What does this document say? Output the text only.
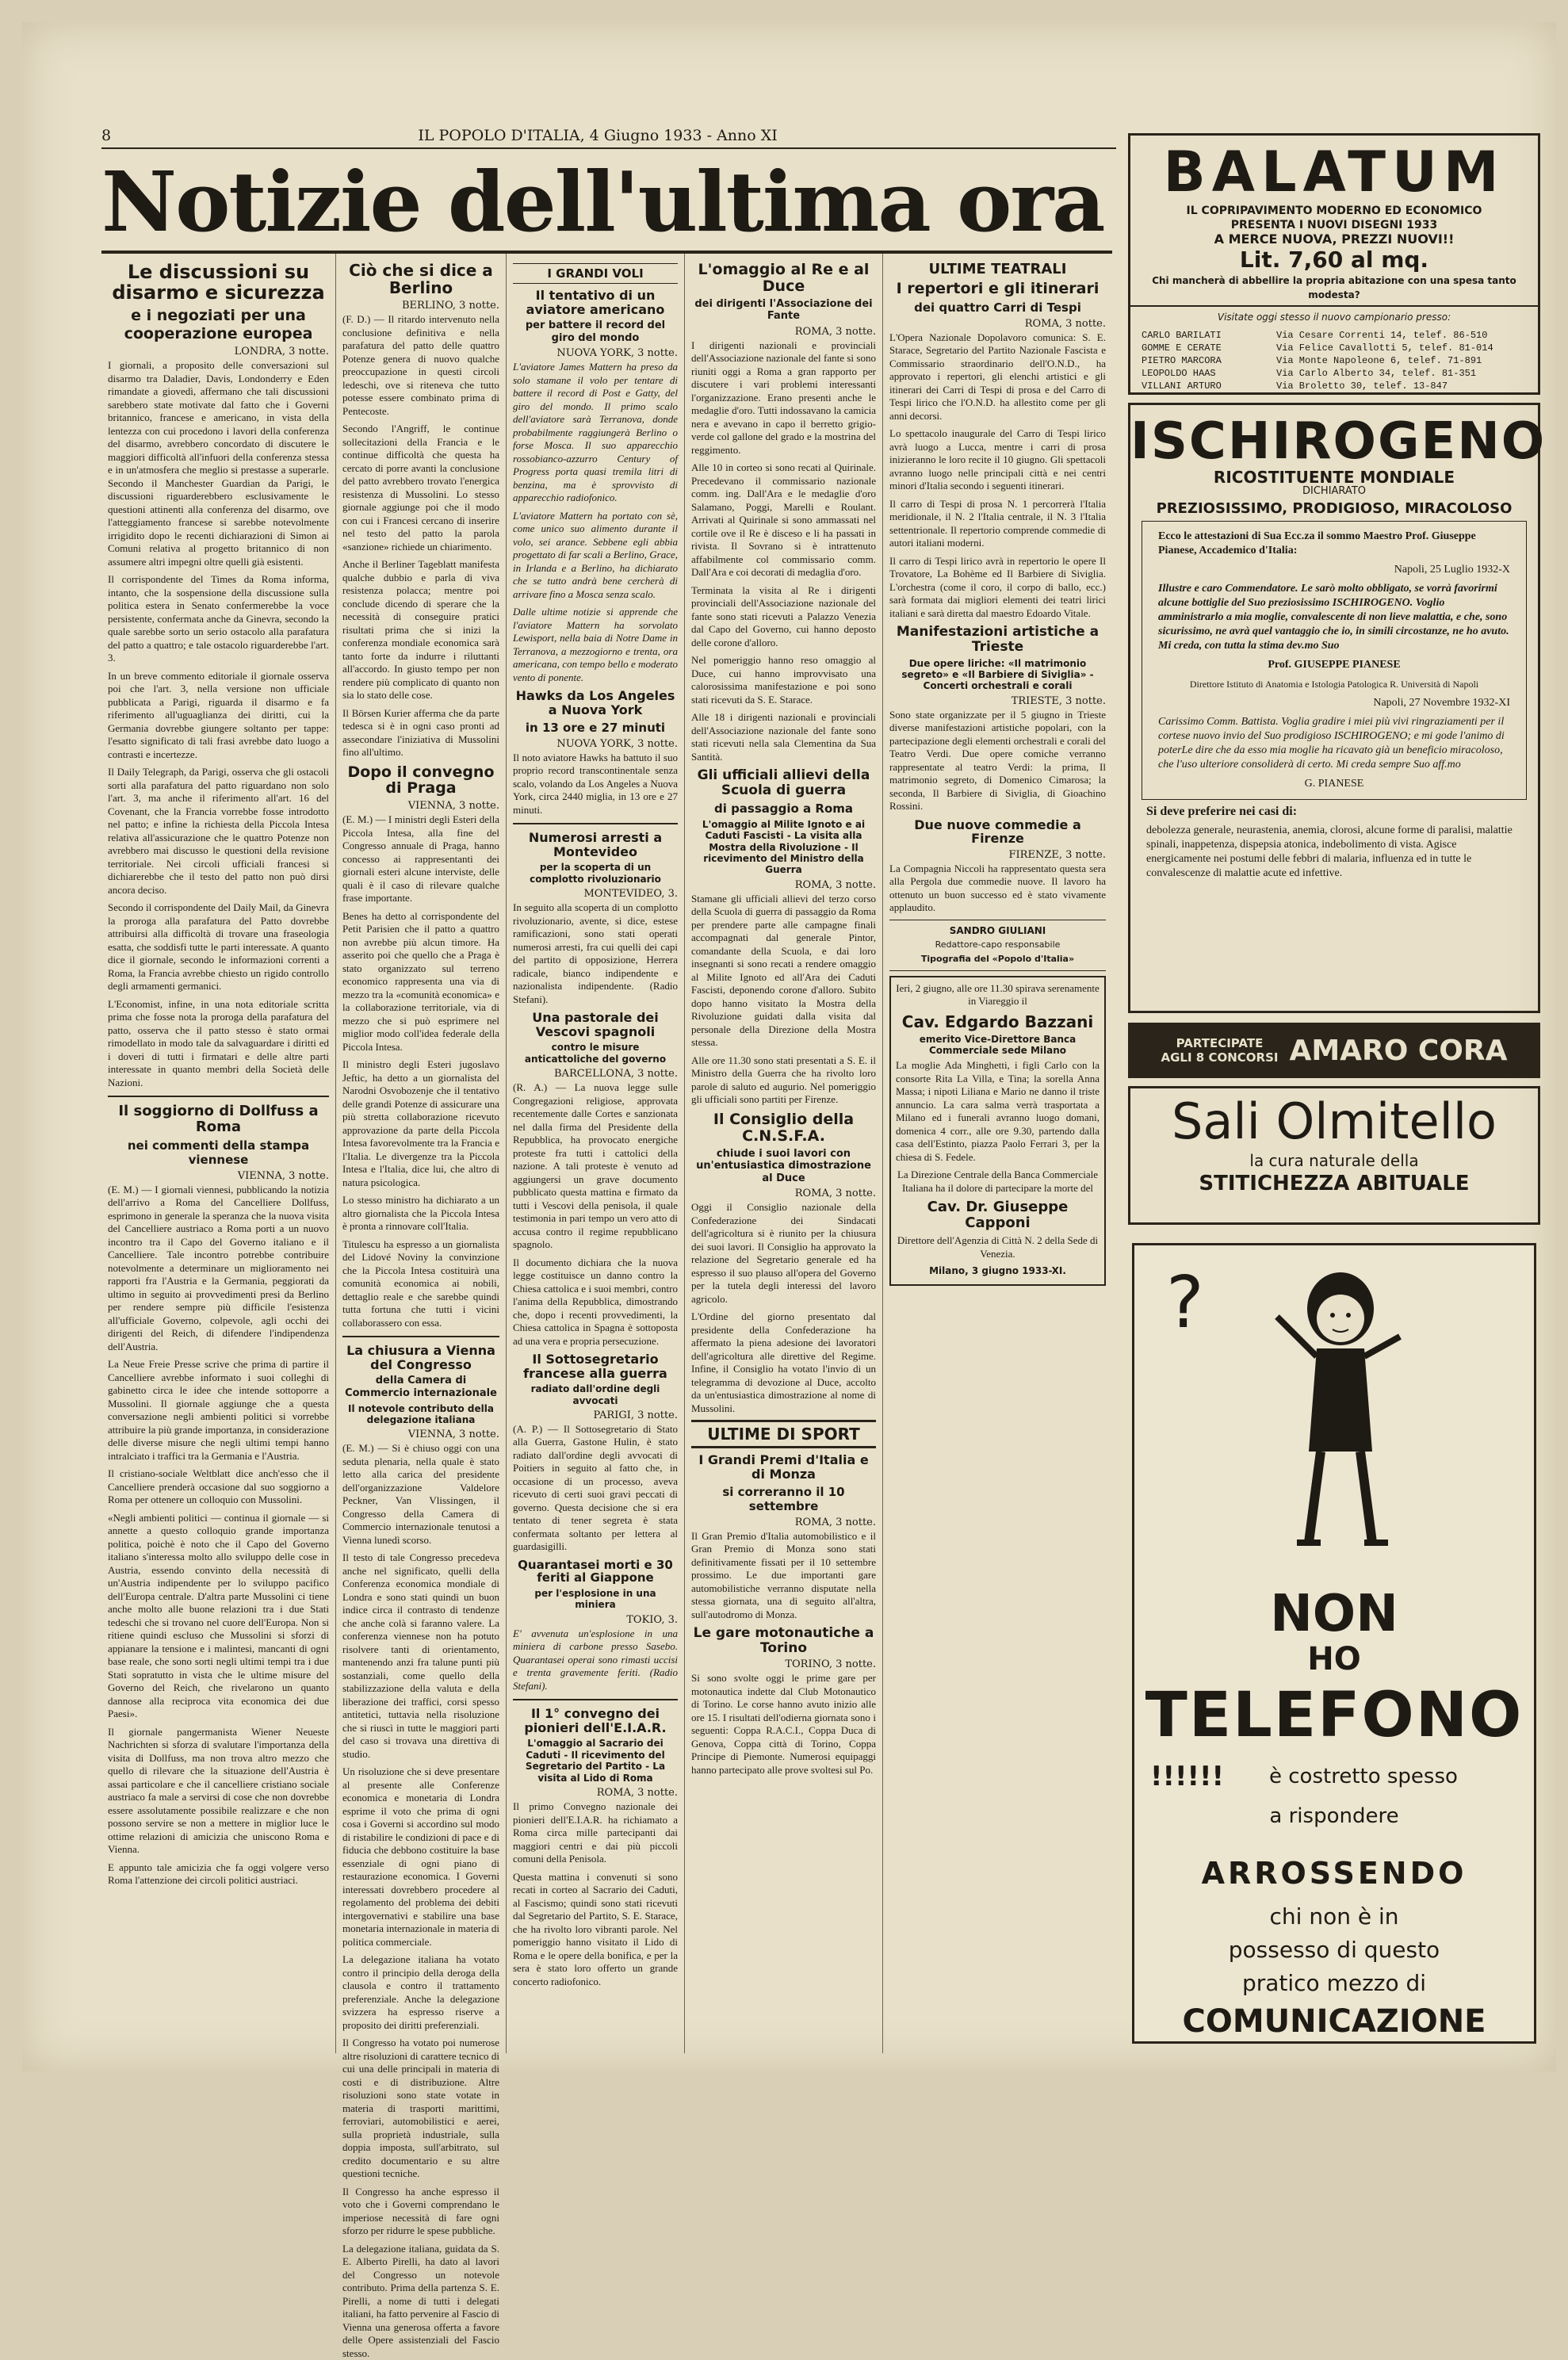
8	IL POPOLO D'ITALIA, 4 Giugno 1933 - Anno XI
Notizie dell'ultima ora
Le discussioni su disarmo e sicurezza
e i negoziati per una cooperazione europea
LONDRA, 3 notte.

I giornali, a proposito delle conversazioni sul disarmo tra Daladier, Davis, Londonderry e Eden rimandate a giovedì, affermano che tali discussioni sarebbero state motivate dal fatto che i Governi britannico, francese e americano, in vista della lentezza con cui procedono i lavori della conferenza del disarmo, avrebbero concordato di discutere le maggiori difficoltà all'infuori della conferenza stessa e in un'atmosfera che meglio si prestasse a superarle. Secondo il Manchester Guardian da Parigi, le discussioni riguarderebbero esclusivamente le questioni attinenti alla conferenza del disarmo, ove l'atteggiamento francese si sarebbe notevolmente irrigidito dopo le recenti dichiarazioni di Simon ai Comuni relativa al progetto britannico di non assumere altri impegni oltre quelli già esistenti.

Il corrispondente del Times da Roma informa, intanto, che la sospensione della discussione sulla politica estera in Senato confermerebbe la voce persistente, confermata anche da Ginevra, secondo la quale sarebbe sorto un serio ostacolo alla parafatura del patto a quattro; e tale ostacolo riguarderebbe l'art. 3.

In un breve commento editoriale il giornale osserva poi che l'art. 3, nella versione non ufficiale pubblicata a Parigi, riguarda il disarmo e fa riferimento all'uguaglianza dei diritti, cui la Germania dovrebbe giungere soltanto per tappe: l'esatto significato di tali frasi avrebbe dato luogo a contrasti e incertezze.

Il Daily Telegraph, da Parigi, osserva che gli ostacoli sorti alla parafatura del patto riguardano non solo l'art. 3, ma anche il riferimento all'art. 16 del Covenant, che la Francia vorrebbe fosse introdotto nel patto; e infine la richiesta della Piccola Intesa relativa all'assicurazione che le quattro Potenze non avrebbero mai discusso le questioni della revisione territoriale. Nei circoli ufficiali francesi si dichiarerebbe che il testo del patto non può dirsi ancora deciso.

Secondo il corrispondente del Daily Mail, da Ginevra la proroga alla parafatura del Patto dovrebbe attribuirsi alla difficoltà di trovare una fraseologia esatta, che soddisfi tutte le parti interessate. A quanto dice il giornale, secondo le informazioni correnti a Roma, la Francia avrebbe chiesto un rigido controllo degli armamenti germanici.

L'Economist, infine, in una nota editoriale scritta prima che fosse nota la proroga della parafatura del patto, osserva che il patto stesso è stato ormai rimodellato in modo tale da salvaguardare i diritti ed i doveri di tutti i firmatari e delle altre parti interessate in quanto membri della Società delle Nazioni.

Il soggiorno di Dollfuss a Roma
nei commenti della stampa viennese
VIENNA, 3 notte.

(E. M.) — I giornali viennesi, pubblicando la notizia dell'arrivo a Roma del Cancelliere Dollfuss, esprimono in generale la speranza che la nuova visita del Cancelliere austriaco a Roma porti a un nuovo incontro tra il Capo del Governo italiano e il Cancelliere. Tale incontro potrebbe contribuire notevolmente a determinare un miglioramento nei rapporti fra l'Austria e la Germania, peggiorati da ultimo in seguito ai provvedimenti presi da Berlino per rendere sempre più difficile l'esistenza all'ufficiale Governo, colpevole, agli occhi dei dirigenti del Reich, di difendere l'indipendenza dell'Austria.

La Neue Freie Presse scrive che prima di partire il Cancelliere avrebbe informato i suoi colleghi di gabinetto circa le idee che intende sottoporre a Mussolini. Il giornale aggiunge che a questa conversazione negli ambienti politici si vorrebbe attribuire la più grande importanza, in considerazione delle diverse misure che negli ultimi tempi hanno intralciato i traffici tra la Germania e l'Austria.

Il cristiano-sociale Weltblatt dice anch'esso che il Cancelliere prenderà occasione dal suo soggiorno a Roma per ottenere un colloquio con Mussolini.

«Negli ambienti politici — continua il giornale — si annette a questo colloquio grande importanza politica, poichè è noto che il Capo del Governo italiano s'interessa molto allo sviluppo delle cose in Austria, essendo convinto della necessità di un'Austria indipendente per lo sviluppo pacifico dell'Europa centrale. D'altra parte Mussolini ci tiene anche molto alle buone relazioni tra i due Stati tedeschi che si trovano nel cuore dell'Europa. Non si ritiene quindi escluso che Mussolini si sforzi di appianare la tensione e i malintesi, mancanti di ogni base reale, che sono sorti negli ultimi tempi tra i due Stati sopratutto in vista che le ultime misure del Governo del Reich, che rivelarono un quanto dannose alla reciproca vita economica dei due Paesi».

Il giornale pangermanista Wiener Neueste Nachrichten si sforza di svalutare l'importanza della visita di Dollfuss, ma non trova altro mezzo che quello di rilevare che la situazione dell'Austria è assai particolare e che il cancelliere cristiano sociale austriaco fa male a servirsi di cose che non dovrebbe essere assolutamente possibile realizzare e che non possono servire se non a mettere in miglior luce le ottime relazioni di amicizia che uniscono Roma e Vienna.

E appunto tale amicizia che fa oggi volgere verso Roma l'attenzione dei circoli politici austriaci.

Ciò che si dice a Berlino
BERLINO, 3 notte.

(F. D.) — Il ritardo intervenuto nella conclusione definitiva e nella parafatura del patto delle quattro Potenze genera di nuovo qualche preoccupazione in questi circoli ledeschi, ove si riteneva che tutto potesse essere combinato prima di Pentecoste.

Secondo l'Angriff, le continue sollecitazioni della Francia e le continue difficoltà che questa ha cercato di porre avanti la conclusione del patto avrebbero trovato l'energica resistenza di Mussolini. Lo stesso giornale aggiunge poi che il modo con cui i Francesi cercano di inserire nel testo del patto la parola «sanzione» richiede un chiarimento.

Anche il Berliner Tageblatt manifesta qualche dubbio e parla di viva resistenza polacca; mentre poi conclude dicendo di sperare che la necessità di conseguire pratici risultati prima che si inizi la conferenza mondiale economica sarà tanto forte da indurre i riluttanti all'accordo. In giusto tempo per non rendere più complicato di quanto non sia lo stato delle cose.

Il Börsen Kurier afferma che da parte tedesca si è in ogni caso pronti ad assecondare l'iniziativa di Mussolini fino all'ultimo.

Dopo il convegno di Praga
VIENNA, 3 notte.

(E. M.) — I ministri degli Esteri della Piccola Intesa, alla fine del Congresso annuale di Praga, hanno concesso ai rappresentanti dei giornali esteri alcune interviste, delle quali è il caso di rilevare qualche frase importante.

Benes ha detto al corrispondente del Petit Parisien che il patto a quattro non avrebbe più alcun timore. Ha asserito poi che quello che a Praga è stato organizzato sul terreno economico rappresenta una via di mezzo tra la «comunità economica» e la collaborazione territoriale, via di mezzo che si può esprimere nel miglior modo coll'idea federale della Piccola Intesa.

Il ministro degli Esteri jugoslavo Jeftic, ha detto a un giornalista del Narodni Osvobozenje che il tentativo delle grandi Potenze di assicurare una più stretta collaborazione ricevuto approvazione da parte della Piccola Intesa favorevolmente tra la Francia e l'Italia. Le divergenze tra la Piccola Intesa e l'Italia, dice lui, che altro di natura psicologica.

Lo stesso ministro ha dichiarato a un altro giornalista che la Piccola Intesa è pronta a rinnovare coll'Italia.

Titulescu ha espresso a un giornalista del Lidové Noviny la convinzione che la Piccola Intesa costituirà una comunità economica ai nobili, dettaglio reale e che sarebbe quindi tutta fortuna che tutti i vicini collaborassero con essa.

La chiusura a Vienna del Congresso
della Camera di Commercio internazionale
Il notevole contributo della delegazione italiana
VIENNA, 3 notte.

(E. M.) — Si è chiuso oggi con una seduta plenaria, nella quale è stato letto alla carica del presidente dell'organizzazione Valdelore Peckner, Van Vlissingen, il Congresso della Camera di Commercio internazionale tenutosi a Vienna lunedì scorso.

Il testo di tale Congresso precedeva anche nel significato, quelli della Conferenza economica mondiale di Londra e sono stati quindi un buon indice circa il contrasto di tendenze che anche colà si faranno valere. La conferenza viennese non ha potuto risolvere tanti di orientamento, mantenendo anzi fra talune punti più sostanziali, come quello della stabilizzazione della valuta e della liberazione dei traffici, corsi spesso antitetici, tuttavia nella risoluzione che si riuscì in tutte le maggiori parti del caso si trovava una direttiva di studio.

Un risoluzione che si deve presentare al presente alle Conferenze economica e monetaria di Londra esprime il voto che prima di ogni cosa i Governi si accordino sul modo di ristabilire le condizioni di pace e di fiducia che debbono costituire la base essenziale di ogni piano di restaurazione economica. I Governi interessati dovrebbero procedere al regolamento del problema dei debiti intergovernativi e stabilire una base monetaria internazionale in materia di politica commerciale.

La delegazione italiana ha votato contro il principio della deroga della clausola e contro il trattamento preferenziale. Anche la delegazione svizzera ha espresso riserve a proposito dei diritti preferenziali.

Il Congresso ha votato poi numerose altre risoluzioni di carattere tecnico di cui una delle principali in materia di costi e di distribuzione. Altre risoluzioni sono state votate in materia di trasporti marittimi, ferroviari, automobilistici e aerei, sulla proprietà industriale, sulla doppia imposta, sull'arbitrato, sul credito documentario e su altre questioni tecniche.

Il Congresso ha anche espresso il voto che i Governi comprendano le imperiose necessità di fare ogni sforzo per ridurre le spese pubbliche.

La delegazione italiana, guidata da S. E. Alberto Pirelli, ha dato al lavori del Congresso un notevole contributo. Prima della partenza S. E. Pirelli, a nome di tutti i delegati italiani, ha fatto pervenire al Fascio di Vienna una generosa offerta a favore delle Opere assistenziali del Fascio stesso.

I GRANDI VOLI
Il tentativo di un aviatore americano
per battere il record del giro del mondo
NUOVA YORK, 3 notte.

L'aviatore James Mattern ha preso da solo stamane il volo per tentare di battere il record di Post e Gatty, del giro del mondo. Il primo scalo dell'aviatore sarà Terranova, donde probabilmente raggiungerà Berlino o forse Mosca. Il suo apparecchio rossobianco-azzurro Century of Progress porta quasi tremila litri di benzina, ma è sprovvisto di apparecchio radiofonico.

L'aviatore Mattern ha portato con sè, come unico suo alimento durante il volo, sei arance. Sebbene egli abbia progettato di far scali a Berlino, Grace, in Irlanda e a Berlino, ha dichiarato che se tutto andrà bene cercherà di arrivare fino a Mosca senza scalo.

Dalle ultime notizie si apprende che l'aviatore Mattern ha sorvolato Lewisport, nella baia di Notre Dame in Terranova, a mezzogiorno e trenta, ora americana, con tempo bello e moderato vento di ponente.

Hawks da Los Angeles a Nuova York
in 13 ore e 27 minuti
NUOVA YORK, 3 notte.

Il noto aviatore Hawks ha battuto il suo proprio record transcontinentale senza scalo, volando da Los Angeles a Nuova York, circa 2440 miglia, in 13 ore e 27 minuti.

Numerosi arresti a Montevideo
per la scoperta di un complotto rivoluzionario
MONTEVIDEO, 3.

In seguito alla scoperta di un complotto rivoluzionario, avente, si dice, estese ramificazioni, sono stati operati numerosi arresti, fra cui quelli dei capi del partito di opposizione, Herrera radicale, bianco indipendente e nazionalista indipendente. (Radio Stefani).

Una pastorale dei Vescovi spagnoli
contro le misure anticattoliche del governo
BARCELLONA, 3 notte.

(R. A.) — La nuova legge sulle Congregazioni religiose, approvata recentemente dalle Cortes e sanzionata nel dalla firma del Presidente della Repubblica, ha provocato energiche proteste fra tutti i cattolici della nazione. A tali proteste è venuto ad aggiungersi un grave documento pubblicato questa mattina e firmato da tutti i Vescovi della penisola, il quale testimonia in pari tempo un vero atto di accusa contro il regime repubblicano spagnolo.

Il documento dichiara che la nuova legge costituisce un danno contro la Chiesa cattolica e i suoi membri, contro l'anima della Repubblica, dimostrando che, dopo i recenti provvedimenti, la Chiesa cattolica in Spagna è sottoposta ad una vera e propria persecuzione.

Il Sottosegretario francese alla guerra
radiato dall'ordine degli avvocati
PARIGI, 3 notte.

(A. P.) — Il Sottosegretario di Stato alla Guerra, Gastone Hulin, è stato radiato dall'ordine degli avvocati di Poitiers in seguito al fatto che, in occasione di un processo, aveva ricevuto di certi suoi gravi peccati di governo. Questa decisione che si era tentato di tener segreta è stata confermata soltanto per lettera al guardasigilli.

Quarantasei morti e 30 feriti al Giappone
per l'esplosione in una miniera
TOKIO, 3.

E' avvenuta un'esplosione in una miniera di carbone presso Sasebo. Quarantasei operai sono rimasti uccisi e trenta gravemente feriti. (Radio Stefani).

Il 1° convegno dei pionieri dell'E.I.A.R.
L'omaggio al Sacrario dei Caduti - Il ricevimento del Segretario del Partito - La visita al Lido di Roma
ROMA, 3 notte.

Il primo Convegno nazionale dei pionieri dell'E.I.A.R. ha richiamato a Roma circa mille partecipanti dai maggiori centri e dai più piccoli comuni della Penisola.

Questa mattina i convenuti si sono recati in corteo al Sacrario dei Caduti, al Fascismo; quindi sono stati ricevuti dal Segretario del Partito, S. E. Starace, che ha rivolto loro vibranti parole. Nel pomeriggio hanno visitato il Lido di Roma e le opere della bonifica, e per la sera è stato loro offerto un grande concerto radiofonico.

L'omaggio al Re e al Duce
dei dirigenti l'Associazione dei Fante
ROMA, 3 notte.

I dirigenti nazionali e provinciali dell'Associazione nazionale del fante si sono riuniti oggi a Roma a gran rapporto per discutere i vari problemi interessanti l'organizzazione. Erano presenti anche le medaglie d'oro. Tutti indossavano la camicia nera e avevano in capo il berretto grigio-verde col gallone del grado e la mostrina del reggimento.

Alle 10 in corteo si sono recati al Quirinale. Precedevano il commissario nazionale comm. ing. Dall'Ara e le medaglie d'oro Salamano, Poggi, Marelli e Roulant. Arrivati al Quirinale si sono ammassati nel cortile ove il Re è disceso e li ha passati in rivista. Il Sovrano si è intrattenuto affabilmente col commissario comm. Dall'Ara e coi decorati di medaglia d'oro.

Terminata la visita al Re i dirigenti provinciali dell'Associazione nazionale del fante sono stati ricevuti a Palazzo Venezia dal Capo del Governo, cui hanno deposto delle corone d'alloro.

Nel pomeriggio hanno reso omaggio al Duce, cui hanno improvvisato una calorosissima manifestazione e poi sono stati ricevuti da S. E. Starace.

Alle 18 i dirigenti nazionali e provinciali dell'Associazione nazionale del fante sono stati ricevuti nella sala Clementina da Sua Santità.

Gli ufficiali allievi della Scuola di guerra
di passaggio a Roma
L'omaggio al Milite Ignoto e ai Caduti Fascisti - La visita alla Mostra della Rivoluzione - Il ricevimento del Ministro della Guerra
ROMA, 3 notte.

Stamane gli ufficiali allievi del terzo corso della Scuola di guerra di passaggio da Roma per prendere parte alle campagne finali accompagnati dal generale Pintor, comandante della Scuola, e dai loro insegnanti si sono recati a rendere omaggio al Milite Ignoto ed all'Ara dei Caduti Fascisti, deponendo corone d'alloro. Subito dopo hanno visitato la Mostra della Rivoluzione guidati dalla visita dal personale della Direzione della Mostra stessa.

Alle ore 11.30 sono stati presentati a S. E. il Ministro della Guerra che ha rivolto loro parole di saluto ed augurio. Nel pomeriggio gli ufficiali sono partiti per Firenze.

Il Consiglio della C.N.S.F.A.
chiude i suoi lavori con un'entusiastica dimostrazione al Duce
ROMA, 3 notte.

Oggi il Consiglio nazionale della Confederazione dei Sindacati dell'agricoltura si è riunito per la chiusura dei suoi lavori. Il Consiglio ha approvato la relazione del Segretario generale ed ha espresso il suo plauso all'opera del Governo per la tutela degli interessi del lavoro agricolo.

L'Ordine del giorno presentato dal presidente della Confederazione ha affermato la piena adesione dei lavoratori dell'agricoltura alle direttive del Regime. Infine, il Consiglio ha votato l'invio di un telegramma di devozione al Duce, accolto da un'entusiastica dimostrazione al nome di Mussolini.

ULTIME DI SPORT
I Grandi Premi d'Italia e di Monza
si correranno il 10 settembre
ROMA, 3 notte.

Il Gran Premio d'Italia automobilistico e il Gran Premio di Monza sono stati definitivamente fissati per il 10 settembre prossimo. Le due importanti gare automobilistiche verranno disputate nella stessa giornata, una di seguito all'altra, sull'autodromo di Monza.

Le gare motonautiche a Torino
TORINO, 3 notte.

Si sono svolte oggi le prime gare per motonautica indette dal Club Motonautico di Torino. Le corse hanno avuto inizio alle ore 15. I risultati dell'odierna giornata sono i seguenti: Coppa R.A.C.I., Coppa Duca di Genova, Coppa città di Torino, Coppa Principe di Piemonte. Numerosi equipaggi hanno partecipato alle prove svoltesi sul Po.

ULTIME TEATRALI
I repertori e gli itinerari
dei quattro Carri di Tespi
ROMA, 3 notte.

L'Opera Nazionale Dopolavoro comunica: S. E. Starace, Segretario del Partito Nazionale Fascista e Commissario straordinario dell'O.N.D., ha approvato i repertori, gli elenchi artistici e gli itinerari dei Carri di Tespi di prosa e del Carro di Tespi lirico che l'O.N.D. ha allestito come per gli anni decorsi.

Lo spettacolo inaugurale del Carro di Tespi lirico avrà luogo a Lucca, mentre i carri di prosa inizieranno le loro recite il 10 giugno. Gli spettacoli avranno luogo nelle principali città e nei centri minori d'Italia secondo i seguenti itinerari.

Il carro di Tespi di prosa N. 1 percorrerà l'Italia meridionale, il N. 2 l'Italia centrale, il N. 3 l'Italia settentrionale. Il repertorio comprende commedie di autori italiani moderni.

Il carro di Tespi lirico avrà in repertorio le opere Il Trovatore, La Bohème ed Il Barbiere di Siviglia. L'orchestra (come il coro, il corpo di ballo, ecc.) sarà formata dai migliori elementi dei teatri lirici italiani e sarà diretta dal maestro Edoardo Vitale.

Manifestazioni artistiche a Trieste
Due opere liriche: «Il matrimonio segreto» e «Il Barbiere di Siviglia» - Concerti orchestrali e corali
TRIESTE, 3 notte.

Sono state organizzate per il 5 giugno in Trieste diverse manifestazioni artistiche popolari, con la partecipazione degli elementi orchestrali e corali del Teatro Verdi. Due opere comiche verranno rappresentate al teatro Verdi: la prima, Il matrimonio segreto, di Domenico Cimarosa; la seconda, Il Barbiere di Siviglia, di Gioachino Rossini.

Due nuove commedie a Firenze
FIRENZE, 3 notte.

La Compagnia Niccoli ha rappresentato questa sera alla Pergola due commedie nuove. Il lavoro ha ottenuto un buon successo ed è stato vivamente applaudito.

SANDRO GIULIANI
Redattore-capo responsabile
Tipografia del «Popolo d'Italia»

Ieri, 2 giugno, alle ore 11.30 spirava serenamente in Viareggio il

Cav. Edgardo Bazzani
emerito Vice-Direttore Banca Commerciale sede Milano

La moglie Ada Minghetti, i figli Carlo con la consorte Rita La Villa, e Tina; la sorella Anna Massa; i nipoti Liliana e Mario ne danno il triste annuncio. La cara salma verrà trasportata a Milano ed i funerali avranno luogo domani, domenica 4 corr., alle ore 9.30, partendo dalla casa dell'Estinto, piazza Paolo Ferrari 3, per la chiesa di S. Fedele.

La Direzione Centrale della Banca Commerciale Italiana ha il dolore di partecipare la morte del

Cav. Dr. Giuseppe Capponi

Direttore dell'Agenzia di Città N. 2 della Sede di Venezia.

Milano, 3 giugno 1933-XI.
BALATUM
IL COPRIPAVIMENTO MODERNO ED ECONOMICO
PRESENTA I NUOVI DISEGNI 1933
A MERCE NUOVA, PREZZI NUOVI!!
Lit. 7,60 al mq.
Chi mancherà di abbellire la propria abitazione con una spesa tanto modesta?
Visitate oggi stesso il nuovo campionario presso:
CARLO BARILATI	Via Cesare Correnti 14, telef. 86-510
GOMME E CERATE	Via Felice Cavallotti 5, telef. 81-014
PIETRO MARCORA	Via Monte Napoleone 6, telef. 71-891
LEOPOLDO HAAS	Via Carlo Alberto 34, telef. 81-351
VILLANI ARTURO	Via Broletto 30, telef. 13-847
ISCHIROGENO
RICOSTITUENTE MONDIALE
DICHIARATO
PREZIOSISSIMO, PRODIGIOSO, MIRACOLOSO

Ecco le attestazioni di Sua Ecc.za il sommo Maestro Prof. Giuseppe Pianese, Accademico d'Italia:

Napoli, 25 Luglio 1932-X

Illustre e caro Commendatore. Le sarò molto obbligato, se vorrà favorirmi alcune bottiglie del Suo preziosissimo ISCHIROGENO. Voglio amministrarlo a mia moglie, convalescente di non lieve malattia, e che, sono sicurissimo, ne avrà quel vantaggio che io, in simili circostanze, ne ho avuto. Mi creda, con tutta la stima dev.mo Suo

Prof. GIUSEPPE PIANESE

Direttore Istituto di Anatomia e Istologia Patologica R. Università di Napoli

Napoli, 27 Novembre 1932-XI

Carissimo Comm. Battista. Voglia gradire i miei più vivi ringraziamenti per il cortese nuovo invio del Suo prodigioso ISCHIROGENO; e mi gode l'animo di poterLe dire che da esso mia moglie ha ricavato già un beneficio miracoloso, che l'uso ulteriore consoliderà di certo. Mi creda sempre Suo aff.mo

G. PIANESE

Si deve preferire nei casi di:

debolezza generale, neurastenia, anemia, clorosi, alcune forme di paralisi, malattie spinali, inappetenza, dispepsia atonica, indebolimento di vista. Agisce energicamente nei postumi delle febbri di malaria, influenza ed in tutte le convalescenze di malattie acute ed infettive.

PARTECIPATE
AGLI 8 CONCORSI AMARO CORA
Sali Olmitello
la cura naturale della
STITICHEZZA ABITUALE
?
NON
HO
TELEFONO
!!!!!! è costretto spesso
a rispondere
ARROSSENDO
chi non è in
possesso di questo
pratico mezzo di
COMUNICAZIONE
